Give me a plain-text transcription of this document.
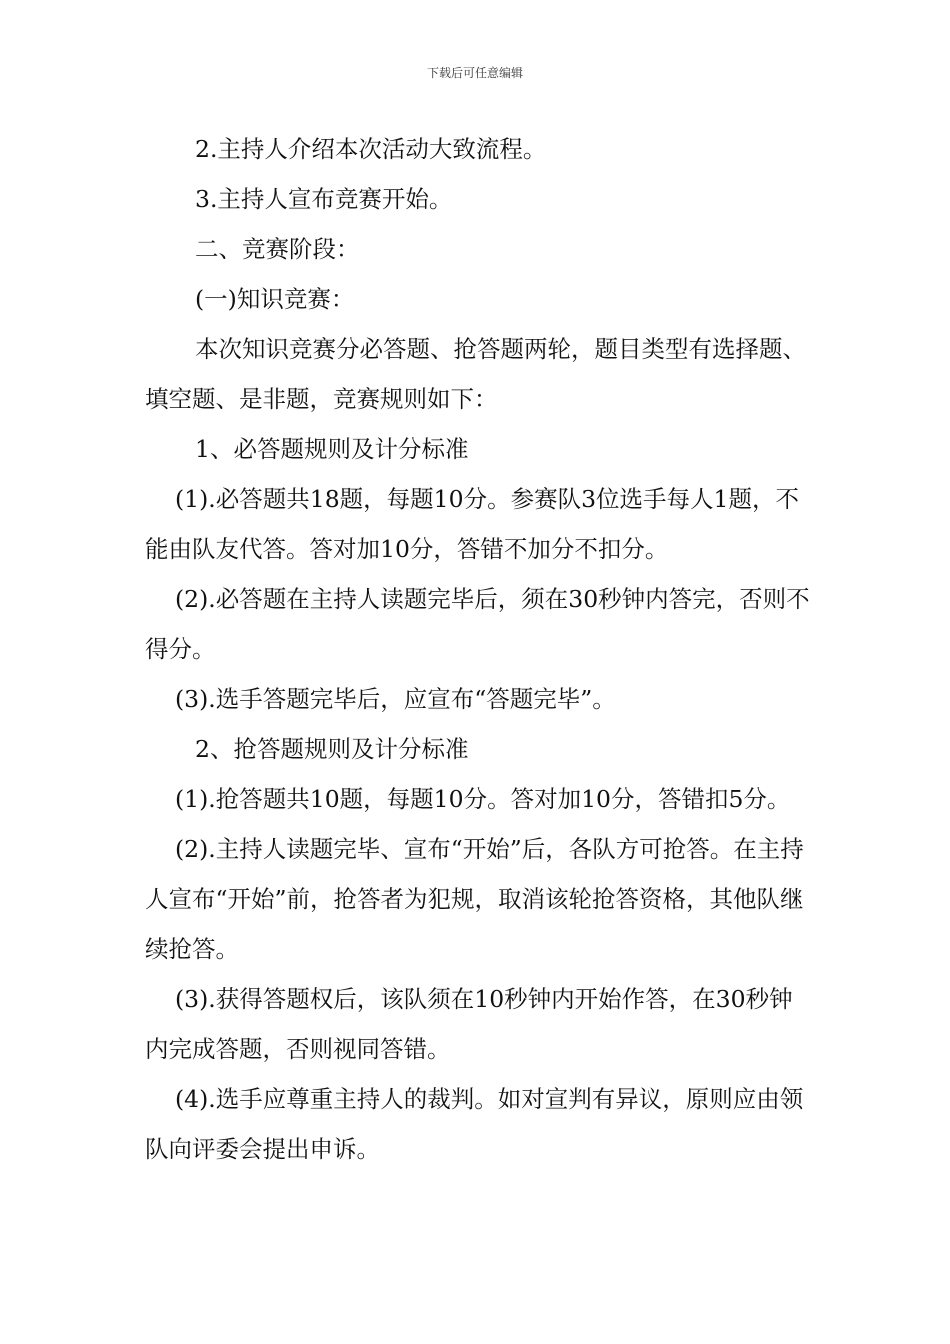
下载后可任意编辑

2.主持人介绍本次活动大致流程。

3.主持人宣布竞赛开始。

二、竞赛阶段：

(一)知识竞赛：

本次知识竞赛分必答题、抢答题两轮，题目类型有选择题、填空题、是非题，竞赛规则如下：

1、必答题规则及计分标准

(1).必答题共18题，每题10分。参赛队3位选手每人1题，不能由队友代答。答对加10分，答错不加分不扣分。

(2).必答题在主持人读题完毕后，须在30秒钟内答完，否则不得分。

(3).选手答题完毕后，应宣布“答题完毕”。

2、抢答题规则及计分标准

(1).抢答题共10题，每题10分。答对加10分，答错扣5分。

(2).主持人读题完毕、宣布“开始”后，各队方可抢答。在主持人宣布“开始”前，抢答者为犯规，取消该轮抢答资格，其他队继续抢答。

(3).获得答题权后，该队须在10秒钟内开始作答，在30秒钟内完成答题，否则视同答错。

(4).选手应尊重主持人的裁判。如对宣判有异议，原则应由领队向评委会提出申诉。
